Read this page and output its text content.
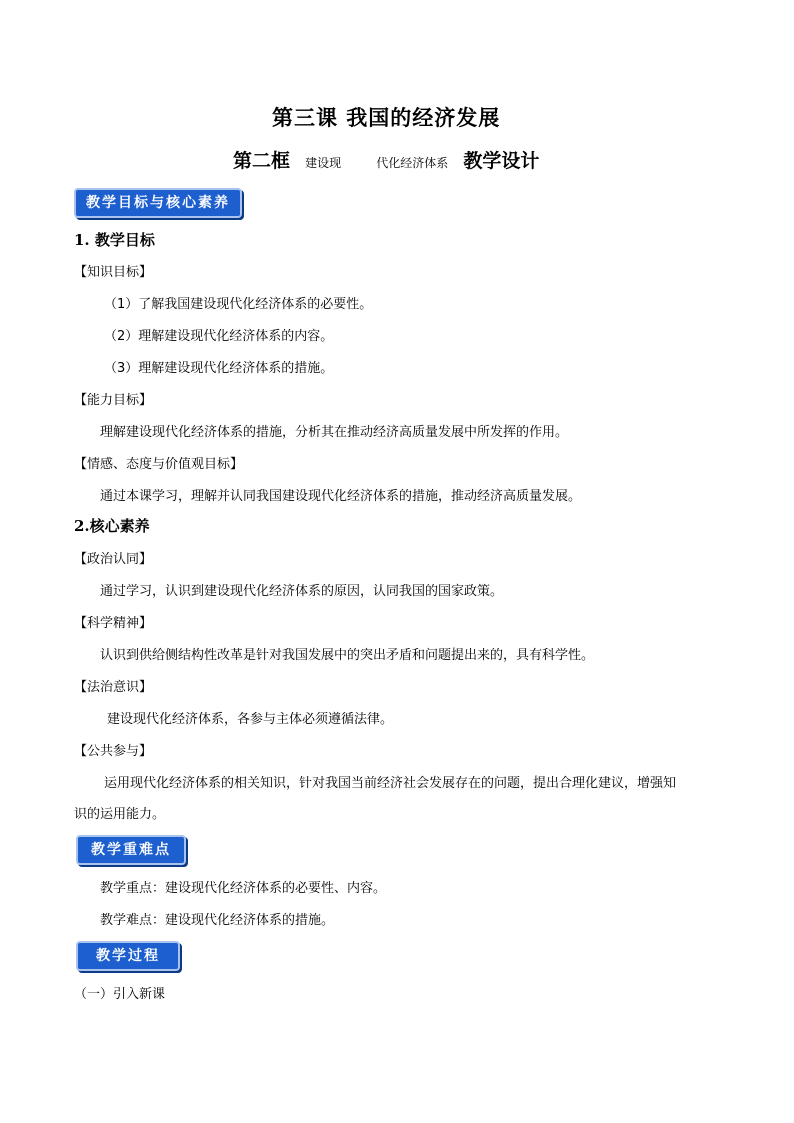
第三课 我国的经济发展
第二框 建设现	代化经济体系 教学设计
教学目标与核心素养
1. 教学目标
【知识目标】
（1）了解我国建设现代化经济体系的必要性。
（2）理解建设现代化经济体系的内容。
（3）理解建设现代化经济体系的措施。
【能力目标】
理解建设现代化经济体系的措施，分析其在推动经济高质量发展中所发挥的作用。
【情感、态度与价值观目标】
通过本课学习，理解并认同我国建设现代化经济体系的措施，推动经济高质量发展。
2.核心素养
【政治认同】
通过学习，认识到建设现代化经济体系的原因，认同我国的国家政策。
【科学精神】
认识到供给侧结构性改革是针对我国发展中的突出矛盾和问题提出来的，具有科学性。
【法治意识】
建设现代化经济体系，各参与主体必须遵循法律。
【公共参与】
运用现代化经济体系的相关知识，针对我国当前经济社会发展存在的问题，提出合理化建议，增强知
识的运用能力。
教学重难点
教学重点：建设现代化经济体系的必要性、内容。
教学难点：建设现代化经济体系的措施。
教学过程
（一）引入新课
